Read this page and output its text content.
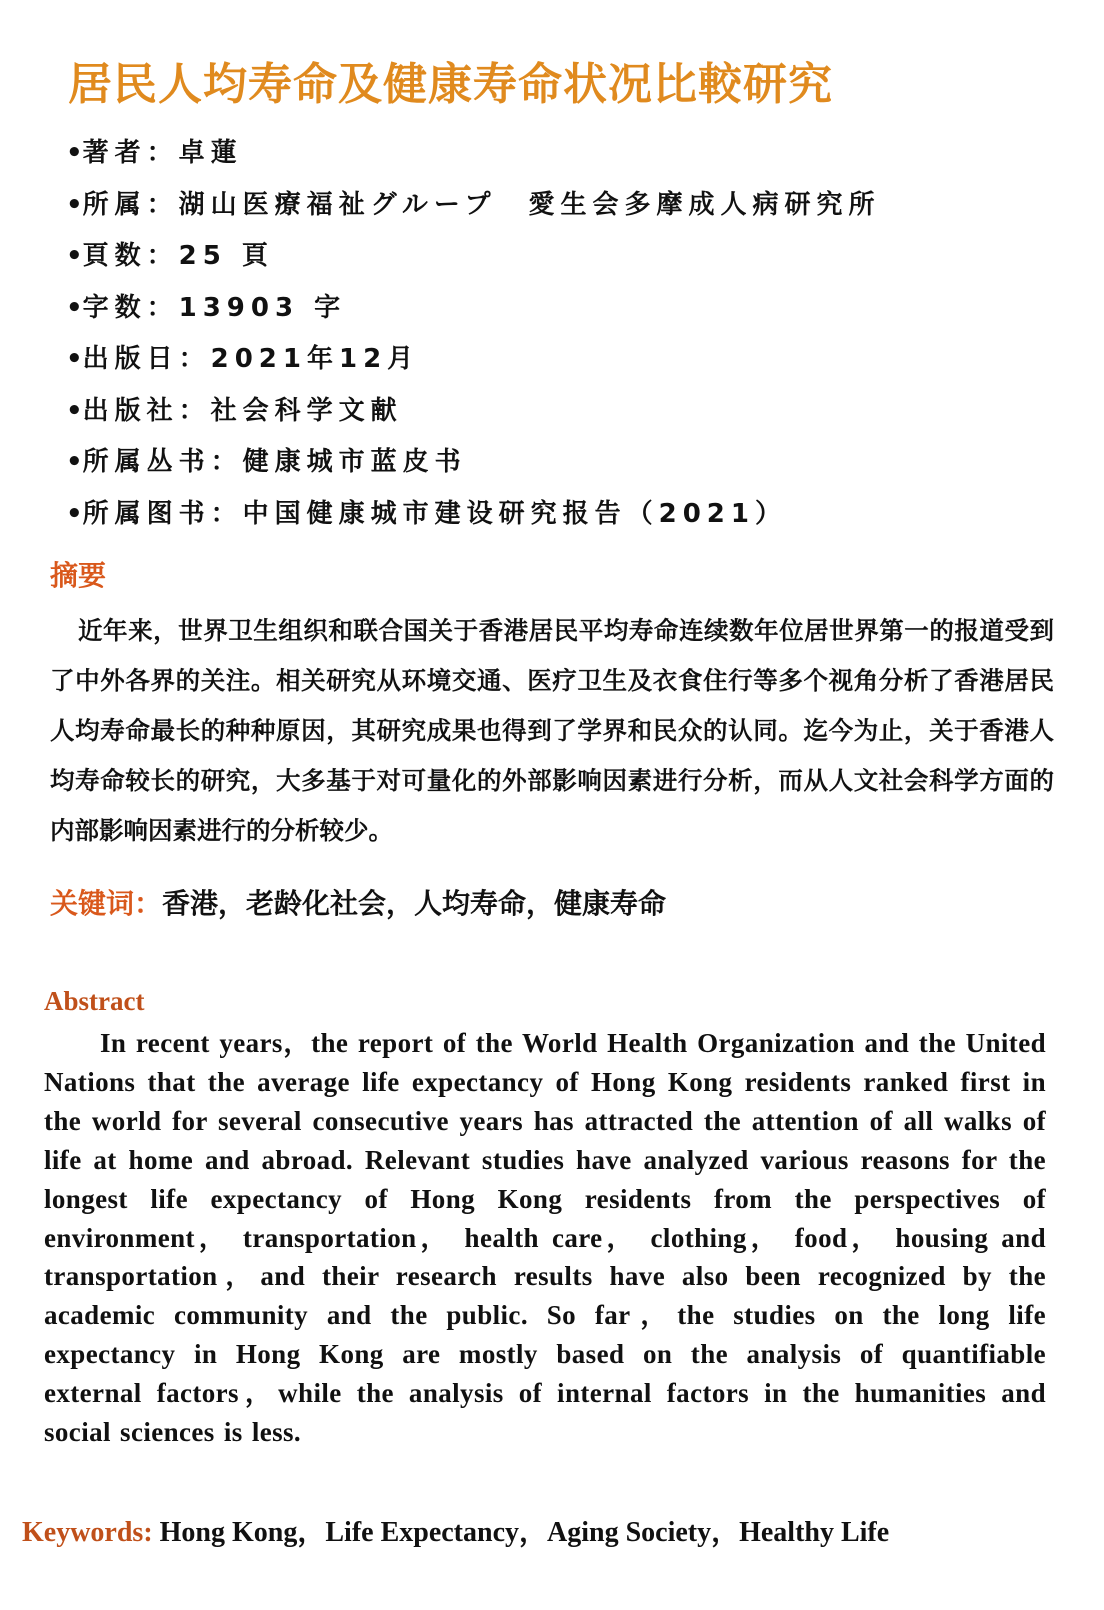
居民人均寿命及健康寿命状况比較研究
•著者：卓蓮
•所属：湖山医療福祉グループ　愛生会多摩成人病研究所
•頁数：25 頁
•字数：13903 字
•出版日：2021年12月
•出版社：社会科学文献
•所属丛书：健康城市蓝皮书
•所属图书：中国健康城市建设研究报告（2021）
摘要

近年来，世界卫生组织和联合国关于香港居民平均寿命连续数年位居世界第一的报道受到了中外各界的关注。相关研究从环境交通、医疗卫生及衣食住行等多个视角分析了香港居民人均寿命最长的种种原因，其研究成果也得到了学界和民众的认同。迄今为止，关于香港人均寿命较长的研究，大多基于对可量化的外部影响因素进行分析，而从人文社会科学方面的内部影响因素进行的分析较少。

关键词：香港，老龄化社会，人均寿命，健康寿命
Abstract

In recent years，the report of the World Health Organization and the United Nations that the average life expectancy of Hong Kong residents ranked first in the world for several consecutive years has attracted the attention of all walks of life at home and abroad. Relevant studies have analyzed various reasons for the longest life expectancy of Hong Kong residents from the perspectives of environment， transportation， health care， clothing， food， housing and transportation，and their research results have also been recognized by the academic community and the public. So far，the studies on the long life expectancy in Hong Kong are mostly based on the analysis of quantifiable external factors，while the analysis of internal factors in the humanities and social sciences is less.

Keywords: Hong Kong，Life Expectancy，Aging Society，Healthy Life
